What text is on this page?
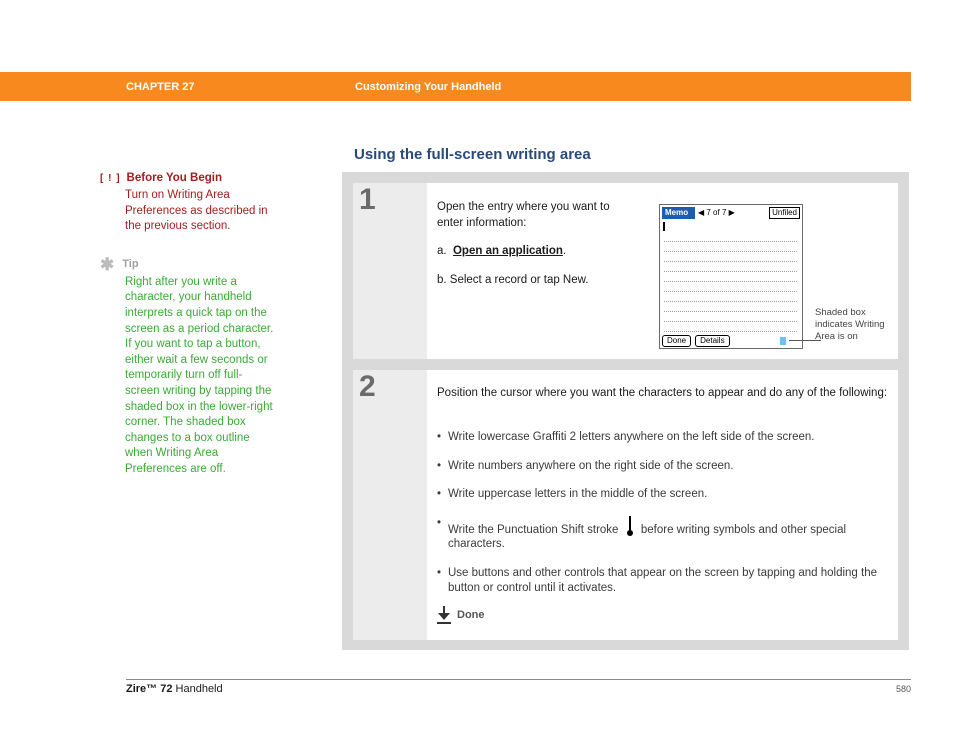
CHAPTER 27	Customizing Your Handheld
Using the full-screen writing area
[ ! ] Before You Begin
Turn on Writing Area Preferences as described in the previous section.
✱ Tip
Right after you write a character, your handheld interprets a quick tap on the screen as a period character. If you want to tap a button, either wait a few seconds or temporarily turn off full-screen writing by tapping the shaded box in the lower-right corner. The shaded box changes to a box outline when Writing Area Preferences are off.
1	Open the entry where you want to enter information:

a. Open an application.

b. Select a record or tap New.

Memo	◀ 7 of 7 ▶	Unfiled
Done	Details
Shaded box indicates Writing Area is on
2	Position the cursor where you want the characters to appear and do any of the following:
• Write lowercase Graffiti 2 letters anywhere on the left side of the screen.
• Write numbers anywhere on the right side of the screen.
• Write uppercase letters in the middle of the screen.
• Write the Punctuation Shift stroke before writing symbols and other special characters.
• Use buttons and other controls that appear on the screen by tapping and holding the button or control until it activates.
Done
Zire™ 72 Handheld	580
